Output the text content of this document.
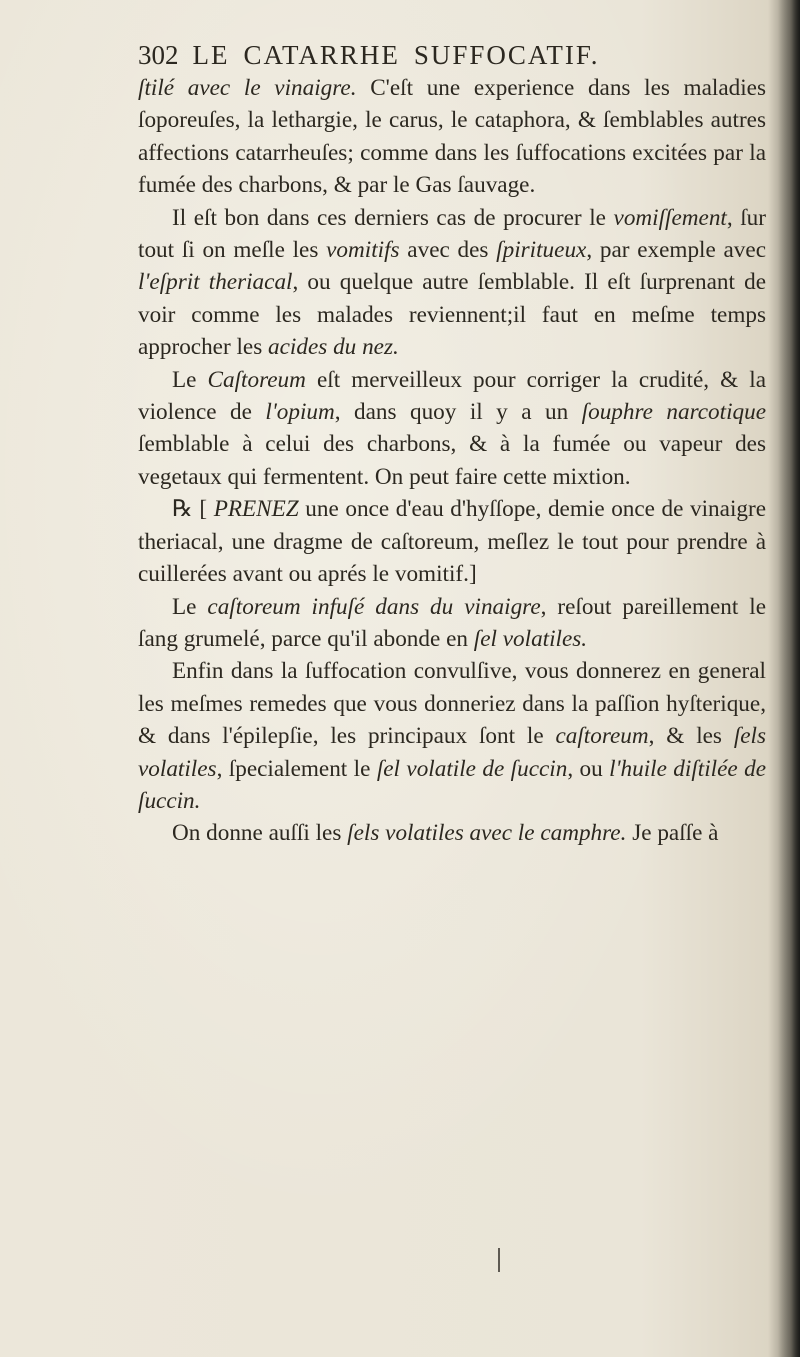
302 LE CATARRHE SUFFOCATIF.

ſtilé avec le vinaigre. C'eſt une experience dans les maladies ſoporeuſes, la lethargie, le carus, le cataphora, & ſemblables autres affections catarrheuſes; comme dans les ſuffocations excitées par la fumée des charbons, & par le Gas ſauvage.

Il eſt bon dans ces derniers cas de procurer le vomiſſement, ſur tout ſi on meſle les vomitifs avec des ſpiritueux, par exemple avec l'eſprit theriacal, ou quelque autre ſemblable. Il eſt ſurprenant de voir comme les malades reviennent;il faut en meſme temps approcher les acides du nez.

Le Caſtoreum eſt merveilleux pour corriger la crudité, & la violence de l'opium, dans quoy il y a un ſouphre narcotique ſemblable à celui des charbons, & à la fumée ou vapeur des vegetaux qui fermentent. On peut faire cette mixtion.

℞ [ PRENEZ une once d'eau d'hyſſope, demie once de vinaigre theriacal, une dragme de caſtoreum, meſlez le tout pour prendre à cuillerées avant ou aprés le vomitif.]

Le caſtoreum infuſé dans du vinaigre, reſout pareillement le ſang grumelé, parce qu'il abonde en ſel volatiles.

Enfin dans la ſuffocation convulſive, vous donnerez en general les meſmes remedes que vous donneriez dans la paſſion hyſterique, & dans l'épilepſie, les principaux ſont le caſtoreum, & les ſels volatiles, ſpecialement le ſel volatile de ſuccin, ou l'huile diſtilée de ſuccin.

On donne auſſi les ſels volatiles avec le camphre. Je paſſe à
